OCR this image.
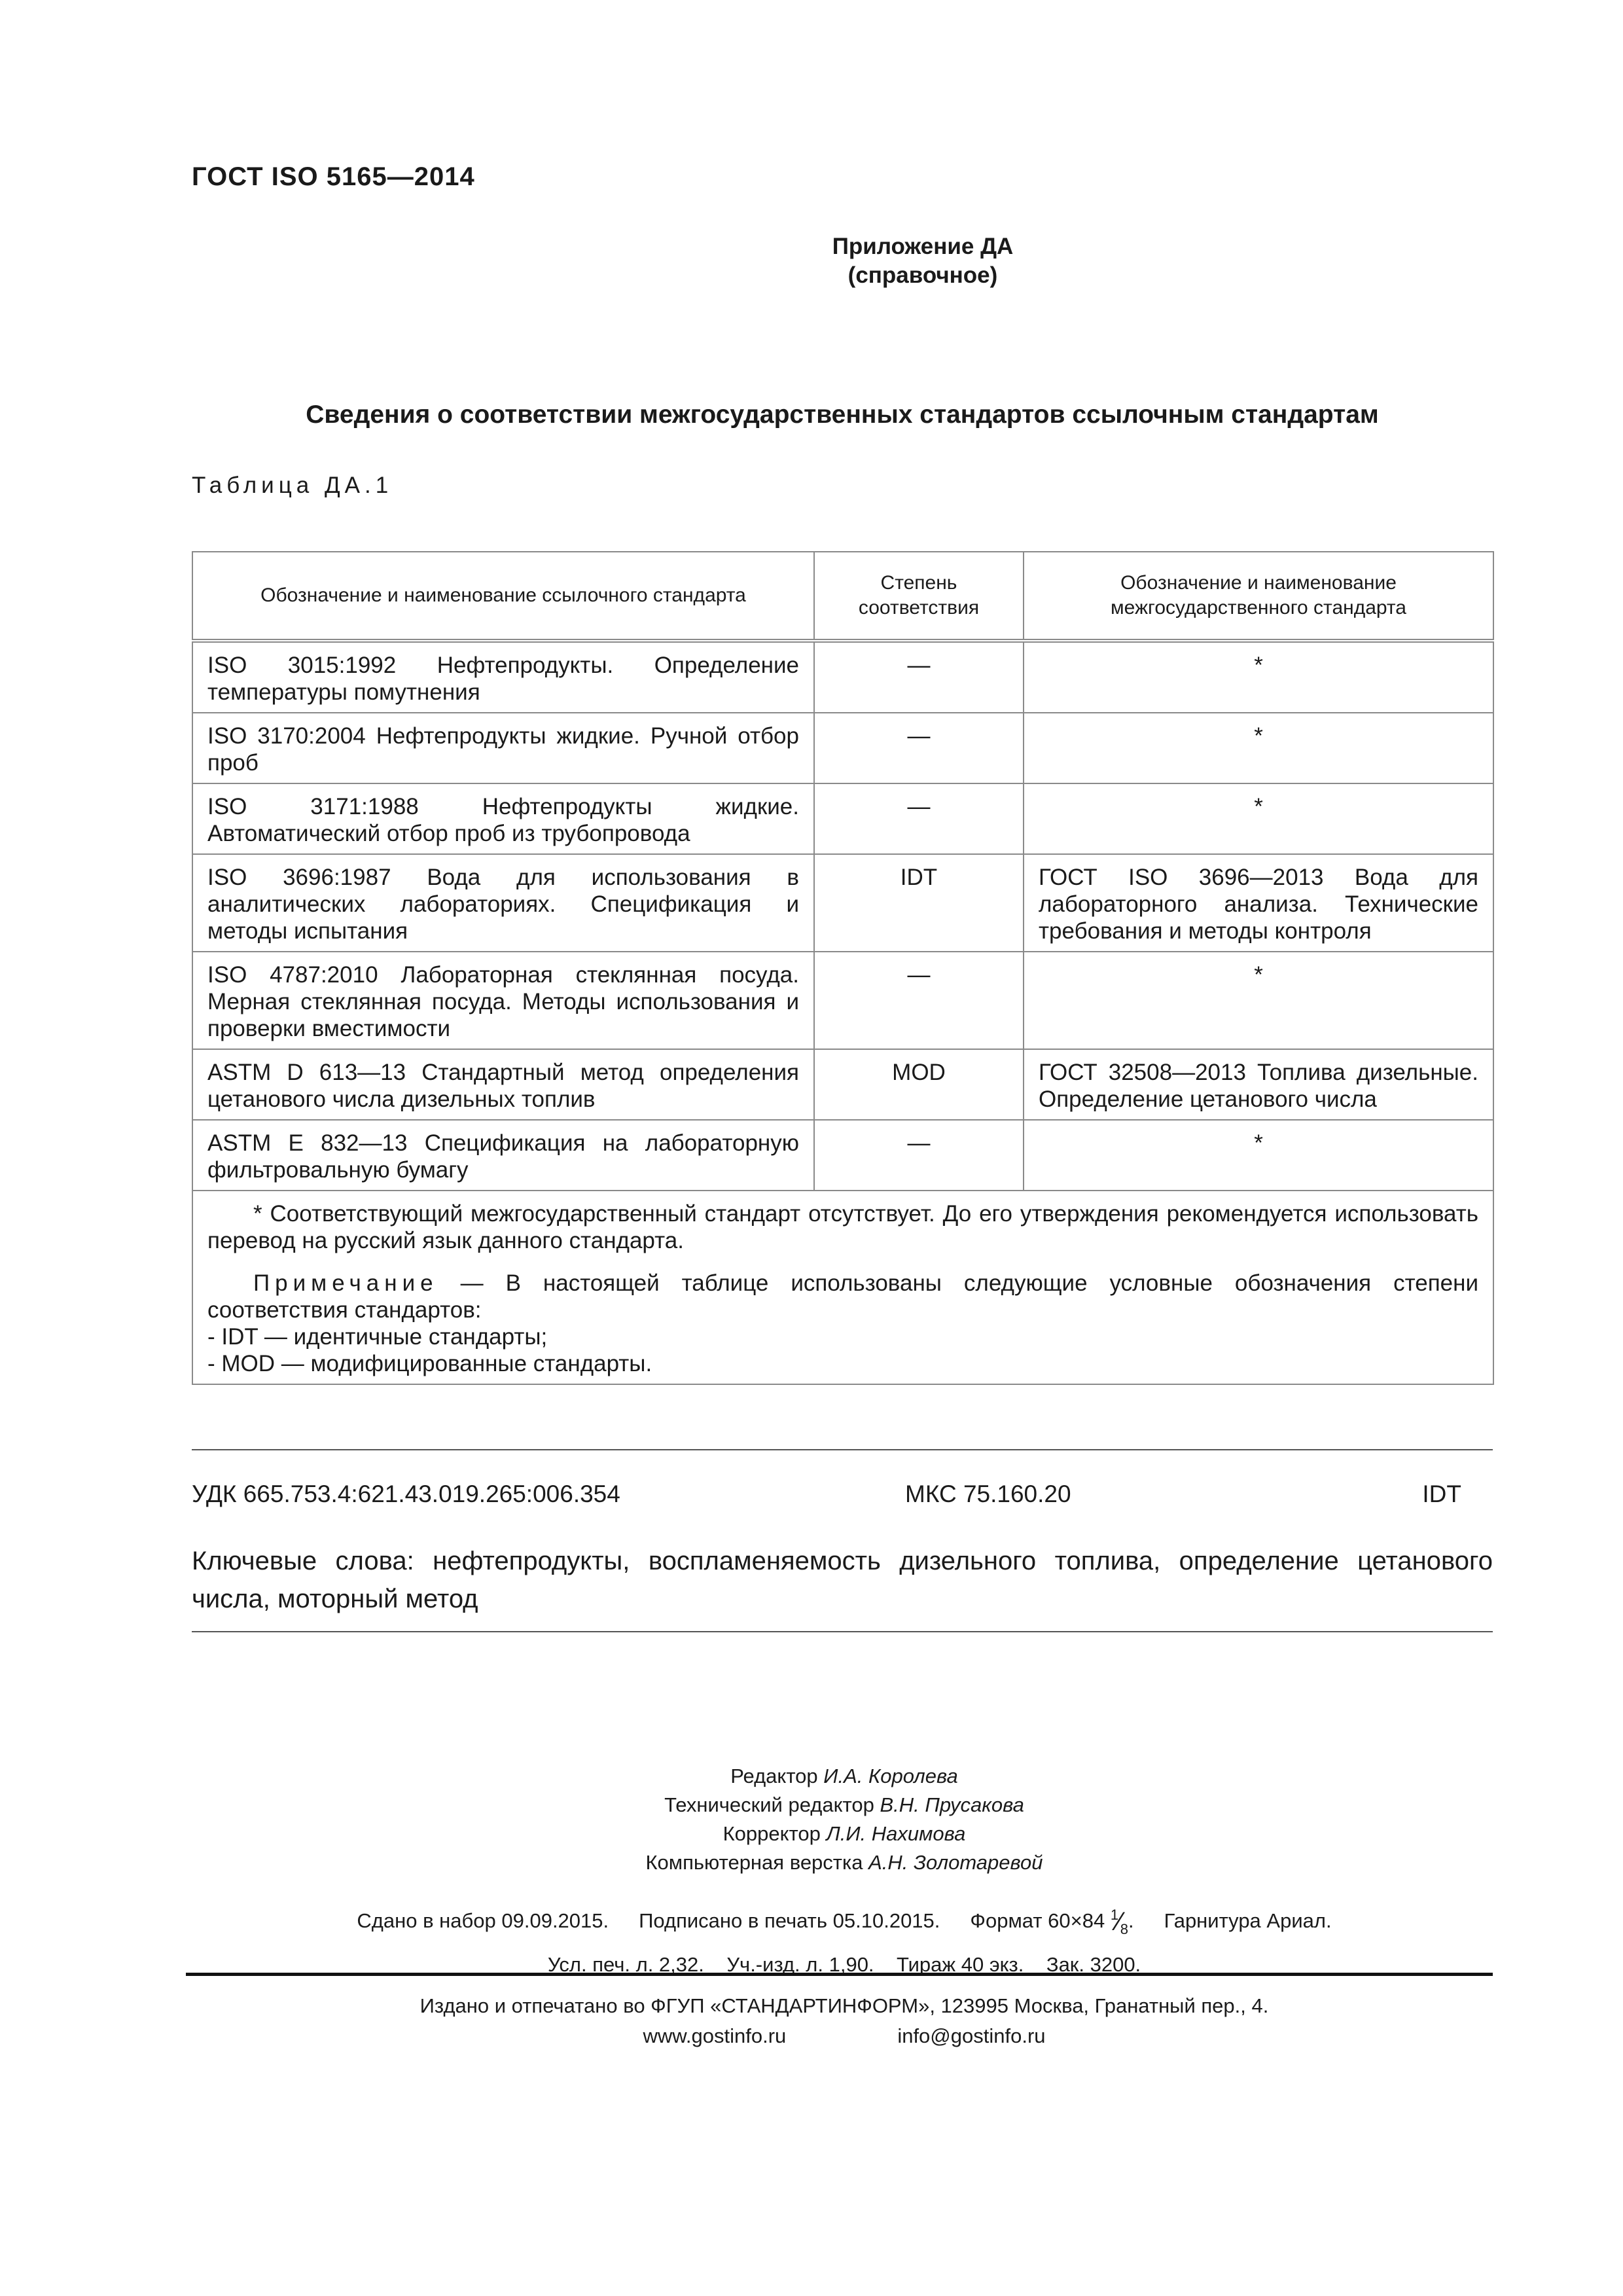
ГОСТ ISO 5165—2014
Приложение ДА
(справочное)
Сведения о соответствии межгосударственных стандартов ссылочным стандартам
Таблица ДА.1
Обозначение и наименование ссылочного стандарта	Степень соответствия	Обозначение и наименование межгосударственного стандарта
ISO 3015:1992 Нефтепродукты. Определение температуры помутнения	—	*
ISO 3170:2004 Нефтепродукты жидкие. Ручной отбор проб	—	*
ISO 3171:1988 Нефтепродукты жидкие. Автоматический отбор проб из трубопровода	—	*
ISO 3696:1987 Вода для использования в аналитических лабораториях. Спецификация и методы испытания	IDT	ГОСТ ISO 3696—2013 Вода для лабораторного анализа. Технические требования и методы контроля
ISO 4787:2010 Лабораторная стеклянная посуда. Мерная стеклянная посуда. Методы использования и проверки вместимости	—	*
ASTM D 613—13 Стандартный метод определения цетанового числа дизельных топлив	MOD	ГОСТ 32508—2013 Топлива дизельные. Определение цетанового числа
ASTM E 832—13 Спецификация на лабораторную фильтровальную бумагу	—	*

* Соответствующий межгосударственный стандарт отсутствует. До его утверждения рекомендуется использовать перевод на русский язык данного стандарта.
Примечание — В настоящей таблице использованы следующие условные обозначения степени соответствия стандартов:
- IDT — идентичные стандарты;
- MOD — модифицированные стандарты.		
УДК 665.753.4:621.43.019.265:006.354	МКС 75.160.20	IDT
Ключевые слова: нефтепродукты, воспламеняемость дизельного топлива, определение цетанового числа, моторный метод
Редактор И.А. Королева
Технический редактор В.Н. Прусакова
Корректор Л.И. Нахимова
Компьютерная верстка А.Н. Золотаревой
Сдано в набор 09.09.2015. Подписано в печать 05.10.2015. Формат 60×84 1⁄8. Гарнитура Ариал.
Усл. печ. л. 2,32. Уч.-изд. л. 1,90. Тираж 40 экз. Зак. 3200.
Издано и отпечатано во ФГУП «СТАНДАРТИНФОРМ», 123995 Москва, Гранатный пер., 4.
www.gostinfo.ru	info@gostinfo.ru
